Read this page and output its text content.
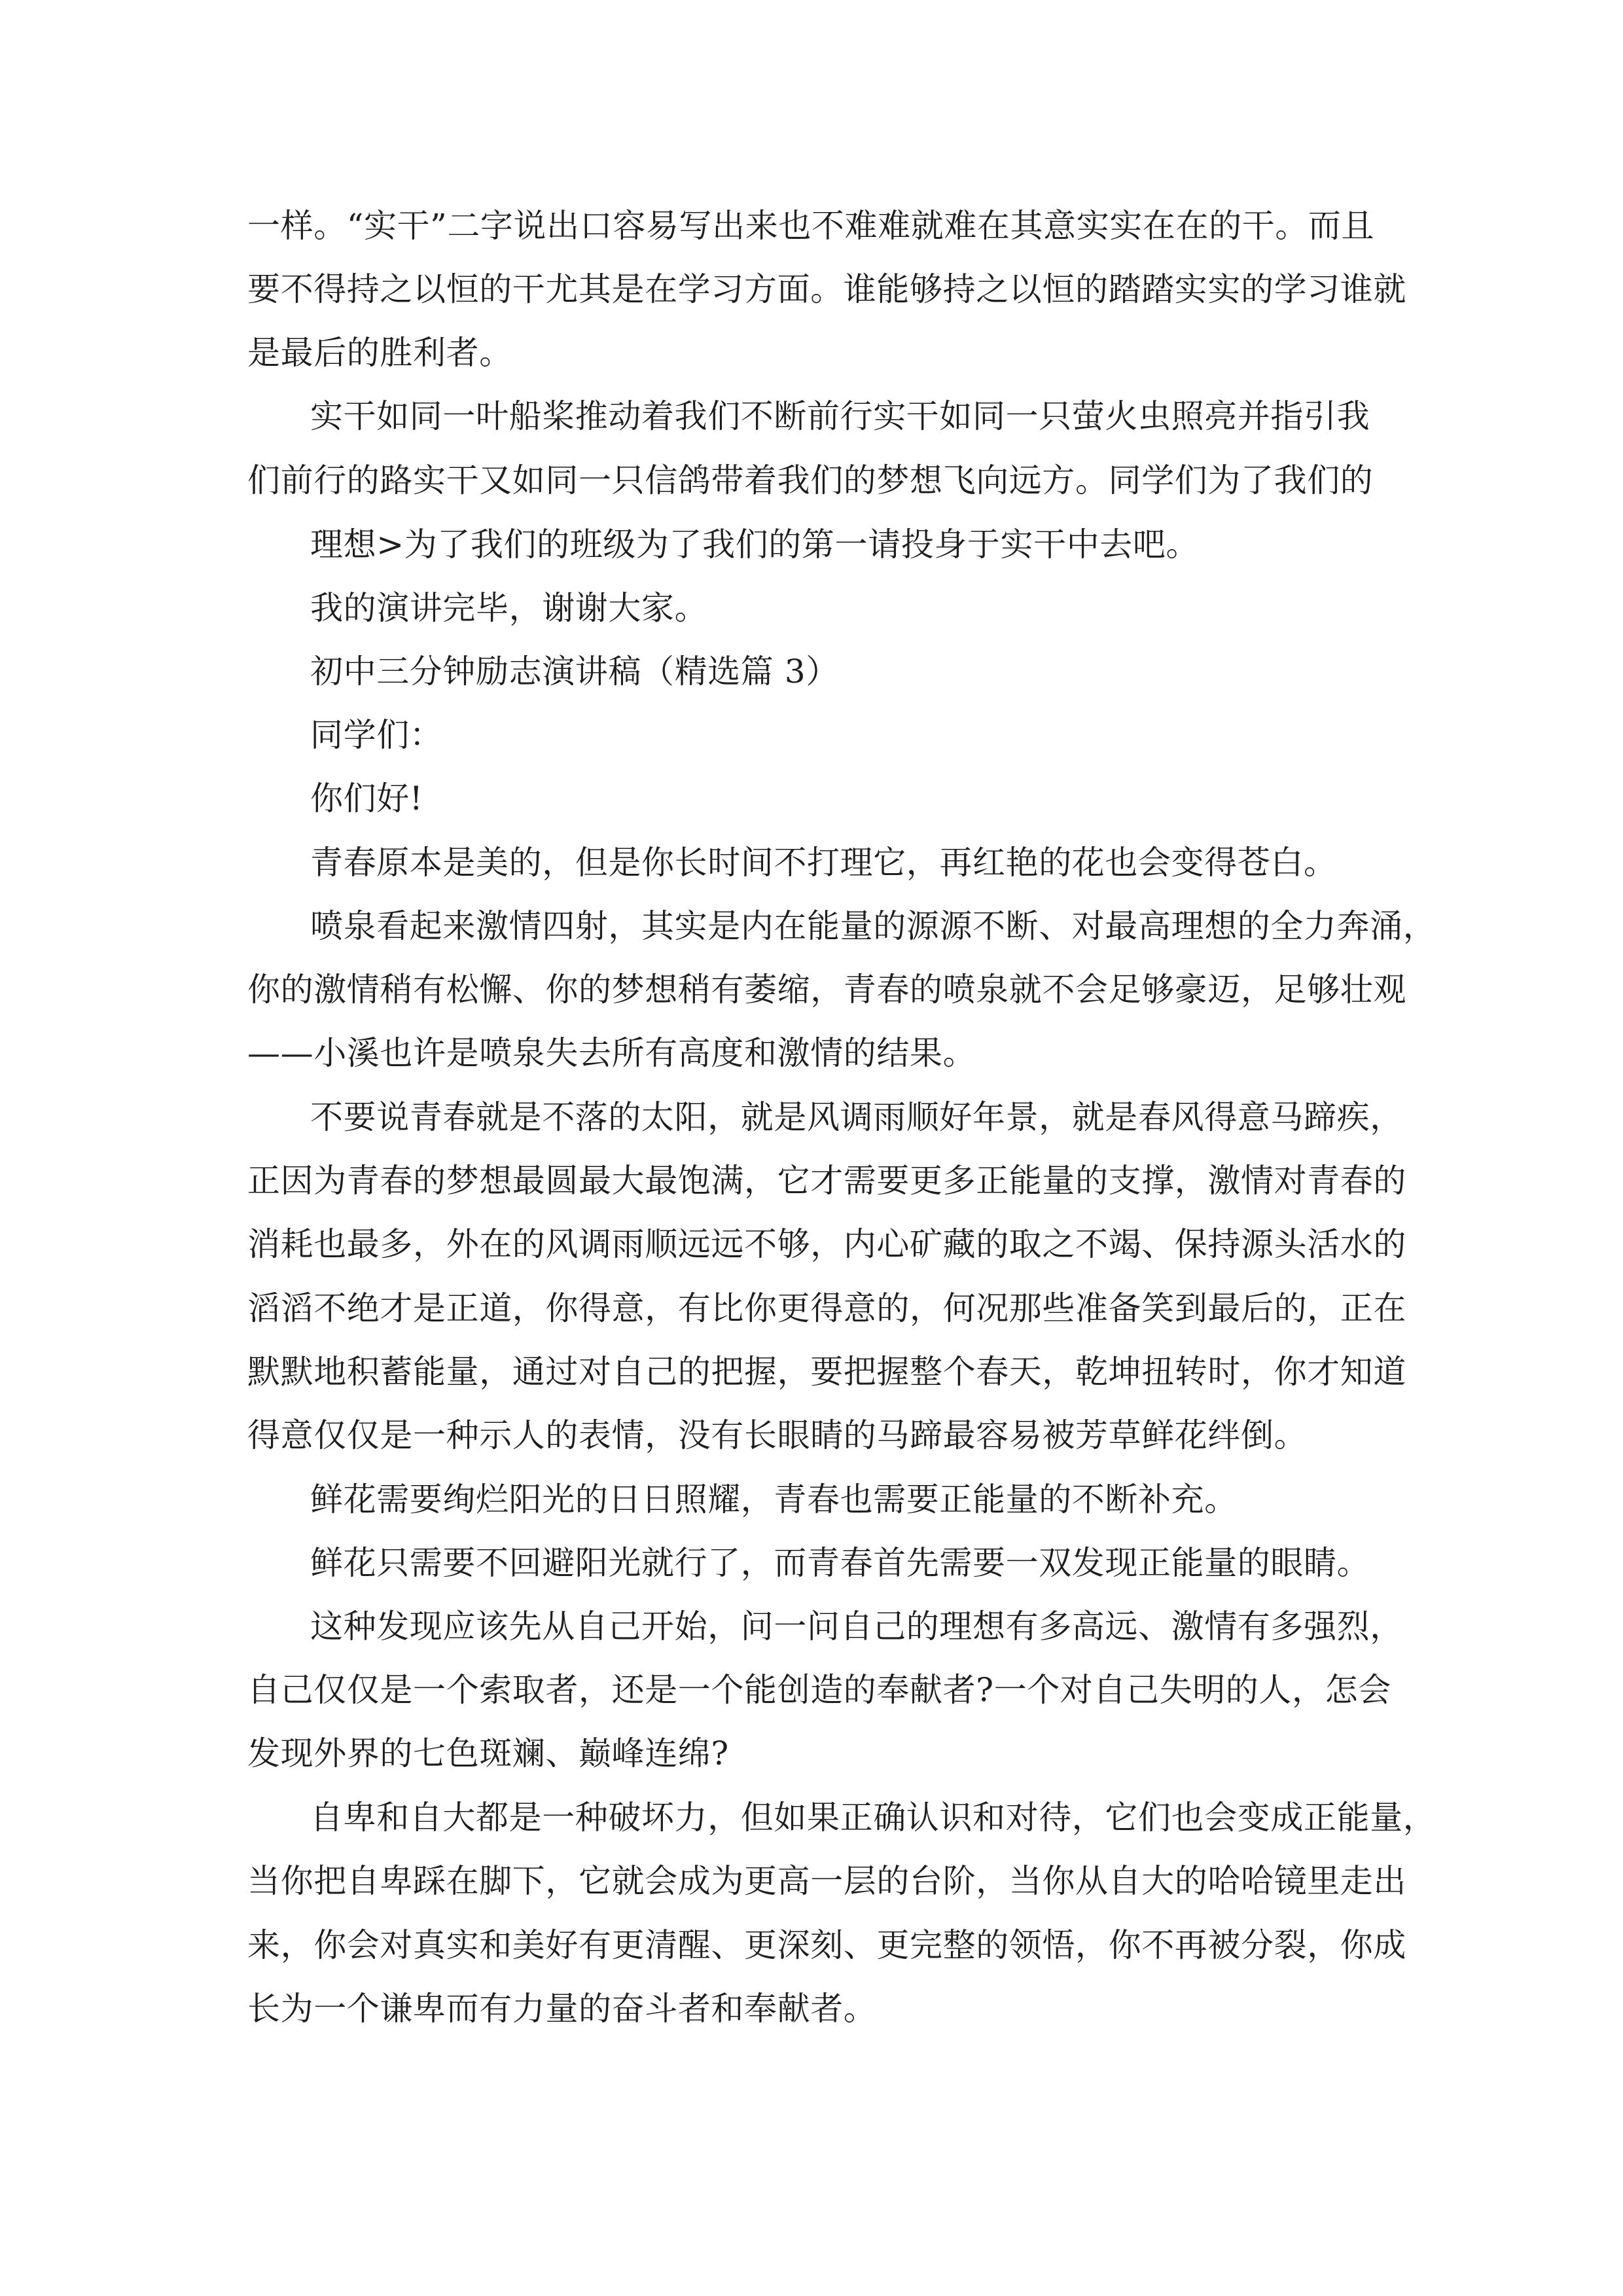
一样。“实干”二字说出口容易写出来也不难难就难在其意实实在在的干。而且

要不得持之以恒的干尤其是在学习方面。谁能够持之以恒的踏踏实实的学习谁就

是最后的胜利者。

实干如同一叶船桨推动着我们不断前行实干如同一只萤火虫照亮并指引我

们前行的路实干又如同一只信鸽带着我们的梦想飞向远方。同学们为了我们的

理想>为了我们的班级为了我们的第一请投身于实干中去吧。

我的演讲完毕，谢谢大家。

初中三分钟励志演讲稿（精选篇 3）

同学们：

你们好!

青春原本是美的，但是你长时间不打理它，再红艳的花也会变得苍白。

喷泉看起来激情四射，其实是内在能量的源源不断、对最高理想的全力奔涌，

你的激情稍有松懈、你的梦想稍有萎缩，青春的喷泉就不会足够豪迈，足够壮观

——小溪也许是喷泉失去所有高度和激情的结果。

不要说青春就是不落的太阳，就是风调雨顺好年景，就是春风得意马蹄疾，

正因为青春的梦想最圆最大最饱满，它才需要更多正能量的支撑，激情对青春的

消耗也最多，外在的风调雨顺远远不够，内心矿藏的取之不竭、保持源头活水的

滔滔不绝才是正道，你得意，有比你更得意的，何况那些准备笑到最后的，正在

默默地积蓄能量，通过对自己的把握，要把握整个春天，乾坤扭转时，你才知道

得意仅仅是一种示人的表情，没有长眼睛的马蹄最容易被芳草鲜花绊倒。

鲜花需要绚烂阳光的日日照耀，青春也需要正能量的不断补充。

鲜花只需要不回避阳光就行了，而青春首先需要一双发现正能量的眼睛。

这种发现应该先从自己开始，问一问自己的理想有多高远、激情有多强烈，

自己仅仅是一个索取者，还是一个能创造的奉献者?一个对自己失明的人，怎会

发现外界的七色斑斓、巅峰连绵?

自卑和自大都是一种破坏力，但如果正确认识和对待，它们也会变成正能量，

当你把自卑踩在脚下，它就会成为更高一层的台阶，当你从自大的哈哈镜里走出

来，你会对真实和美好有更清醒、更深刻、更完整的领悟，你不再被分裂，你成

长为一个谦卑而有力量的奋斗者和奉献者。
